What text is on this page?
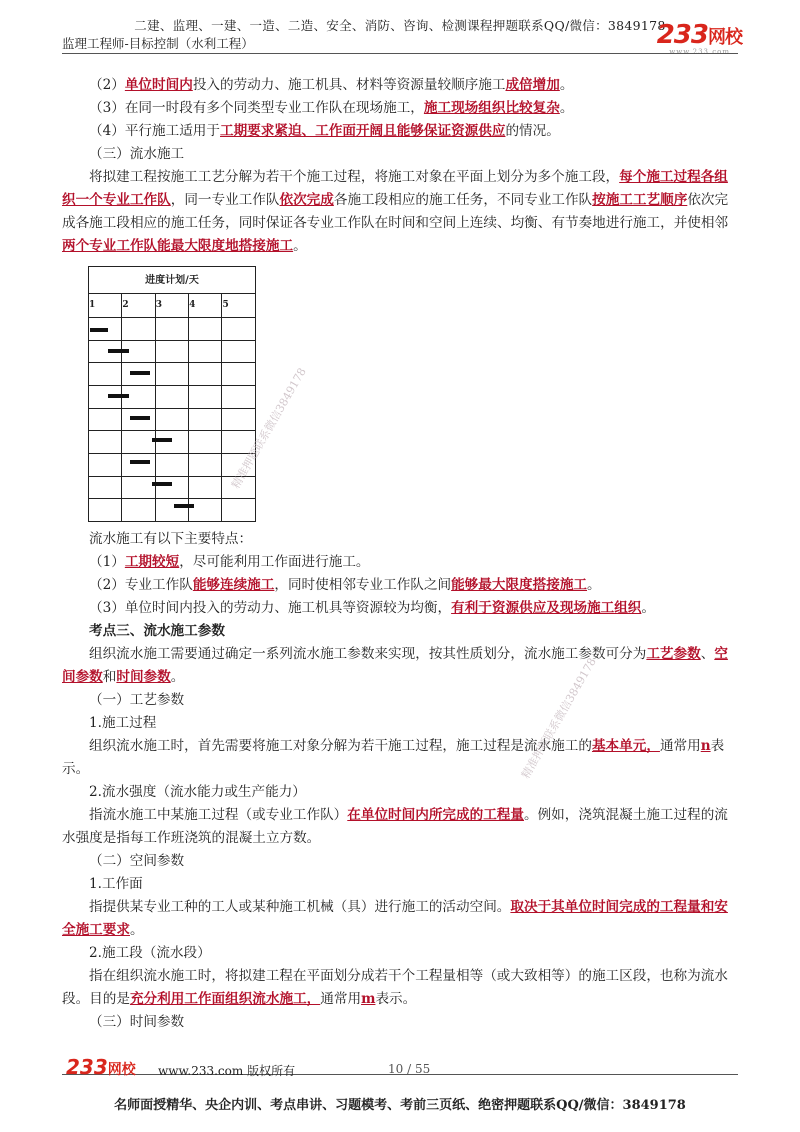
二建、监理、一建、一造、二造、安全、消防、咨询、检测课程押题联系QQ/微信：3849178
监理工程师-目标控制（水利工程）	233网校
www.233.com

（2）单位时间内投入的劳动力、施工机具、材料等资源量较顺序施工成倍增加。

（3）在同一时段有多个同类型专业工作队在现场施工，施工现场组织比较复杂。

（4）平行施工适用于工期要求紧迫、工作面开阔且能够保证资源供应的情况。

（三）流水施工

将拟建工程按施工工艺分解为若干个施工过程，将施工对象在平面上划分为多个施工段，每个施工过程各组织一个专业工作队，同一专业工作队依次完成各施工段相应的施工任务，不同专业工作队按施工工艺顺序依次完成各施工段相应的施工任务，同时保证各专业工作队在时间和空间上连续、均衡、有节奏地进行施工，并使相邻两个专业工作队能最大限度地搭接施工。

进度计划/天				
1	2	3	4	5

流水施工有以下主要特点：

（1）工期较短，尽可能利用工作面进行施工。

（2）专业工作队能够连续施工，同时使相邻专业工作队之间能够最大限度搭接施工。

（3）单位时间内投入的劳动力、施工机具等资源较为均衡，有利于资源供应及现场施工组织。

考点三、流水施工参数

组织流水施工需要通过确定一系列流水施工参数来实现，按其性质划分，流水施工参数可分为工艺参数、空间参数和时间参数。

（一）工艺参数

1.施工过程

组织流水施工时，首先需要将施工对象分解为若干施工过程，施工过程是流水施工的基本单元，通常用n表示。

2.流水强度（流水能力或生产能力）

指流水施工中某施工过程（或专业工作队）在单位时间内所完成的工程量。例如，浇筑混凝土施工过程的流水强度是指每工作班浇筑的混凝土立方数。

（二）空间参数

1.工作面

指提供某专业工种的工人或某种施工机械（具）进行施工的活动空间。取决于其单位时间完成的工程量和安全施工要求。

2.施工段（流水段）

指在组织流水施工时，将拟建工程在平面划分成若干个工程量相等（或大致相等）的施工区段，也称为流水段。目的是充分利用工作面组织流水施工，通常用m表示。

（三）时间参数

精准押题联系微信3849178
精准押题联系微信3849178
233网校 www.233.com 版权所有	10 / 55
名师面授精华、央企内训、考点串讲、习题模考、考前三页纸、绝密押题联系QQ/微信：3849178
